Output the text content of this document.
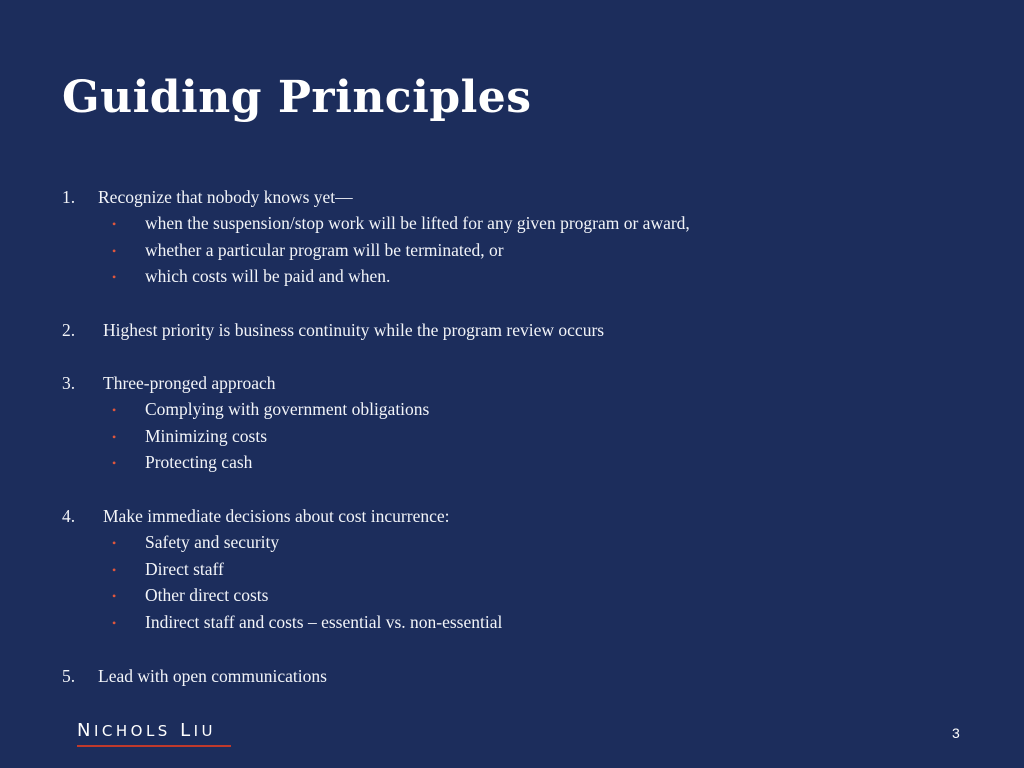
Guiding Principles
1. Recognize that nobody knows yet—
• when the suspension/stop work will be lifted for any given program or award,
• whether a particular program will be terminated, or
• which costs will be paid and when.
2. Highest priority is business continuity while the program review occurs
3. Three-pronged approach
• Complying with government obligations
• Minimizing costs
• Protecting cash
4. Make immediate decisions about cost incurrence:
• Safety and security
• Direct staff
• Other direct costs
• Indirect staff and costs – essential vs. non-essential
5. Lead with open communications
NICHOLS LIU	3
